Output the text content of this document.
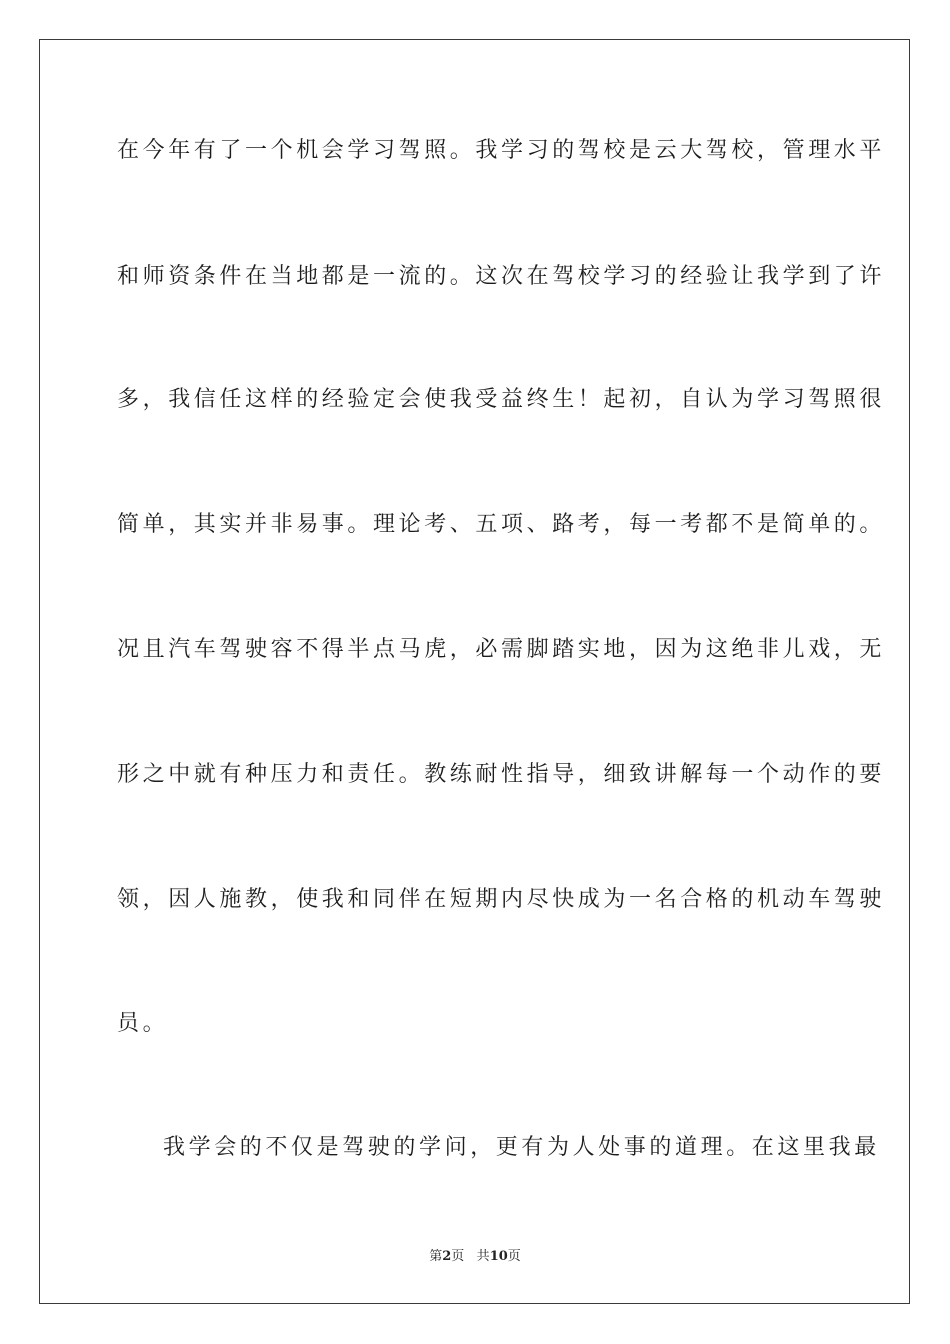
在今年有了一个机会学习驾照。我学习的驾校是云大驾校，管理水平
和师资条件在当地都是一流的。这次在驾校学习的经验让我学到了许
多，我信任这样的经验定会使我受益终生！起初，自认为学习驾照很
简单，其实并非易事。理论考、五项、路考，每一考都不是简单的。
况且汽车驾驶容不得半点马虎，必需脚踏实地，因为这绝非儿戏，无
形之中就有种压力和责任。教练耐性指导，细致讲解每一个动作的要
领，因人施教，使我和同伴在短期内尽快成为一名合格的机动车驾驶
员。
我学会的不仅是驾驶的学问，更有为人处事的道理。在这里我最
第2页 共10页
